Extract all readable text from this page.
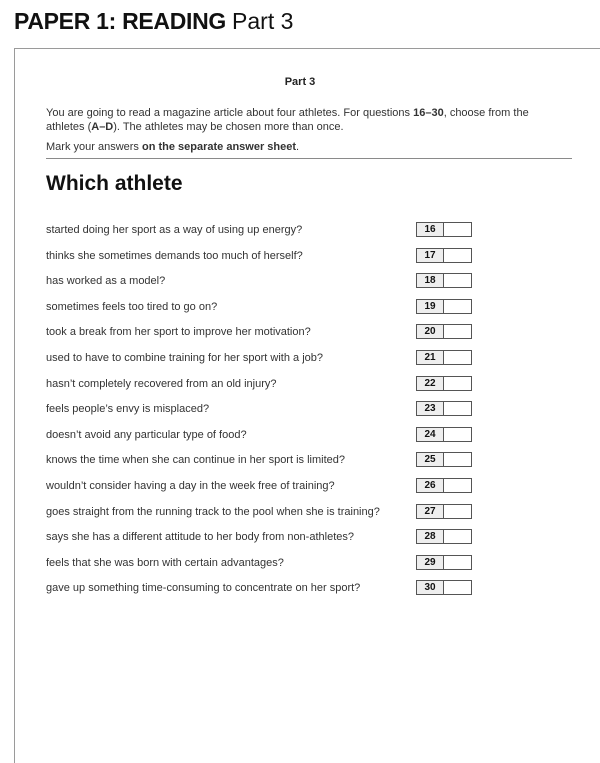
PAPER 1: READING Part 3
Part 3
You are going to read a magazine article about four athletes. For questions 16–30, choose from the athletes (A–D). The athletes may be chosen more than once.
Mark your answers on the separate answer sheet.
Which athlete
started doing her sport as a way of using up energy?	16
thinks she sometimes demands too much of herself?	17
has worked as a model?	18
sometimes feels too tired to go on?	19
took a break from her sport to improve her motivation?	20
used to have to combine training for her sport with a job?	21
hasn’t completely recovered from an old injury?	22
feels people’s envy is misplaced?	23
doesn’t avoid any particular type of food?	24
knows the time when she can continue in her sport is limited?	25
wouldn’t consider having a day in the week free of training?	26
goes straight from the running track to the pool when she is training?	27
says she has a different attitude to her body from non-athletes?	28
feels that she was born with certain advantages?	29
gave up something time-consuming to concentrate on her sport?	30
